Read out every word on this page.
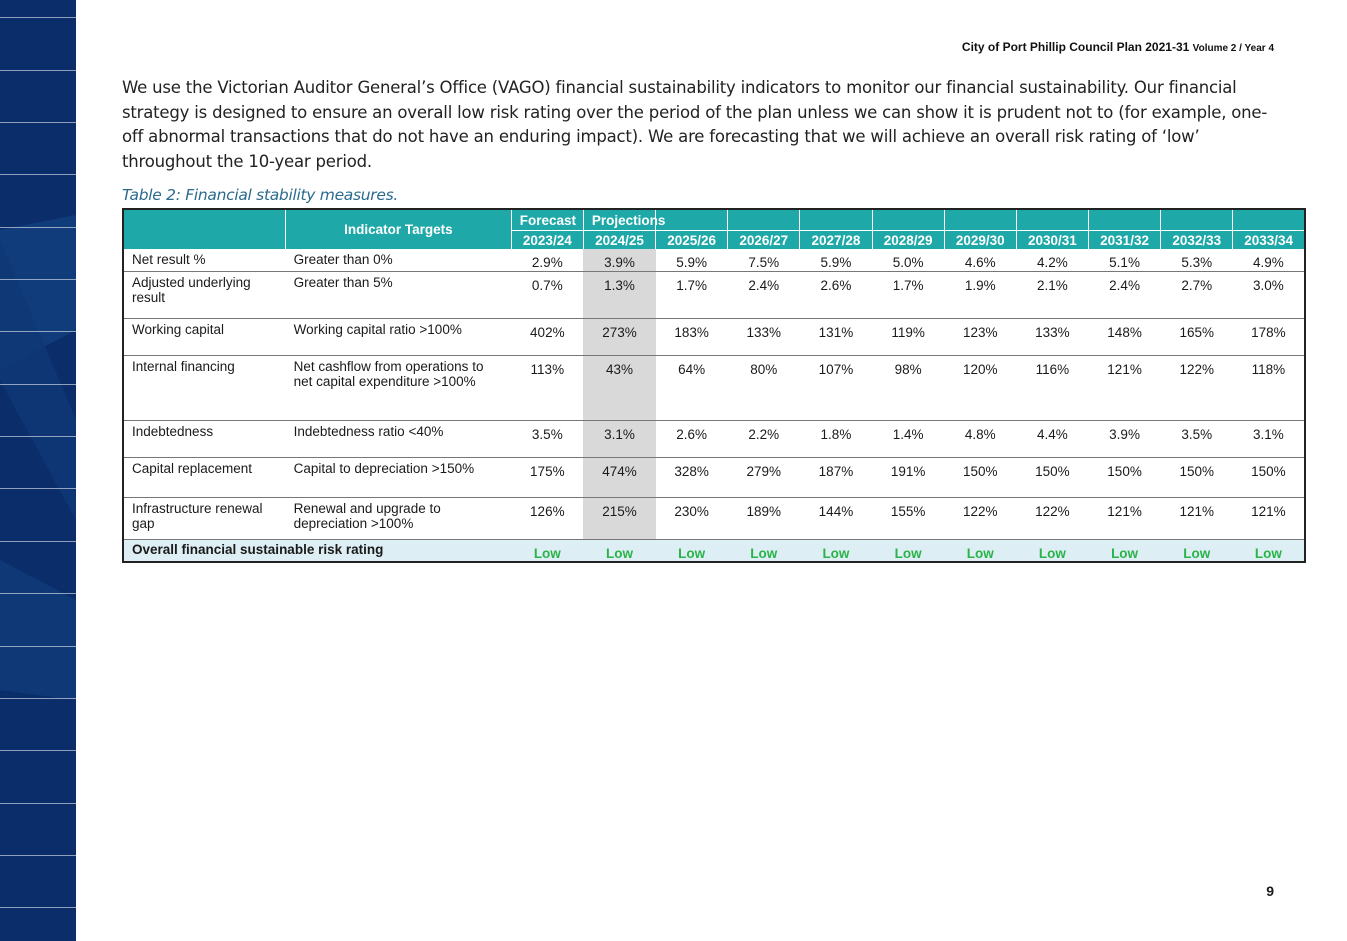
City of Port Phillip Council Plan 2021-31 Volume 2 / Year 4

We use the Victorian Auditor General’s Office (VAGO) financial sustainability indicators to monitor our financial sustainability. Our financial strategy is designed to ensure an overall low risk rating over the period of the plan unless we can show it is prudent not to (for example, one-off abnormal transactions that do not have an enduring impact). We are forecasting that we will achieve an overall risk rating of ‘low’ throughout the 10-year period.

Table 2: Financial stability measures.
	Indicator Targets	Forecast	Projections									
		2023/24	2024/25	2025/26	2026/27	2027/28	2028/29	2029/30	2030/31	2031/32	2032/33	2033/34
Net result %	Greater than 0%	2.9%	3.9%	5.9%	7.5%	5.9%	5.0%	4.6%	4.2%	5.1%	5.3%	4.9%
Adjusted underlying result	Greater than 5%	0.7%	1.3%	1.7%	2.4%	2.6%	1.7%	1.9%	2.1%	2.4%	2.7%	3.0%
Working capital	Working capital ratio >100%	402%	273%	183%	133%	131%	119%	123%	133%	148%	165%	178%
Internal financing	Net cashflow from operations to net capital expenditure >100%	113%	43%	64%	80%	107%	98%	120%	116%	121%	122%	118%
Indebtedness	Indebtedness ratio <40%	3.5%	3.1%	2.6%	2.2%	1.8%	1.4%	4.8%	4.4%	3.9%	3.5%	3.1%
Capital replacement	Capital to depreciation >150%	175%	474%	328%	279%	187%	191%	150%	150%	150%	150%	150%
Infrastructure renewal gap	Renewal and upgrade to depreciation >100%	126%	215%	230%	189%	144%	155%	122%	122%	121%	121%	121%
Overall financial sustainable risk rating		Low	Low	Low	Low	Low	Low	Low	Low	Low	Low	Low
9
